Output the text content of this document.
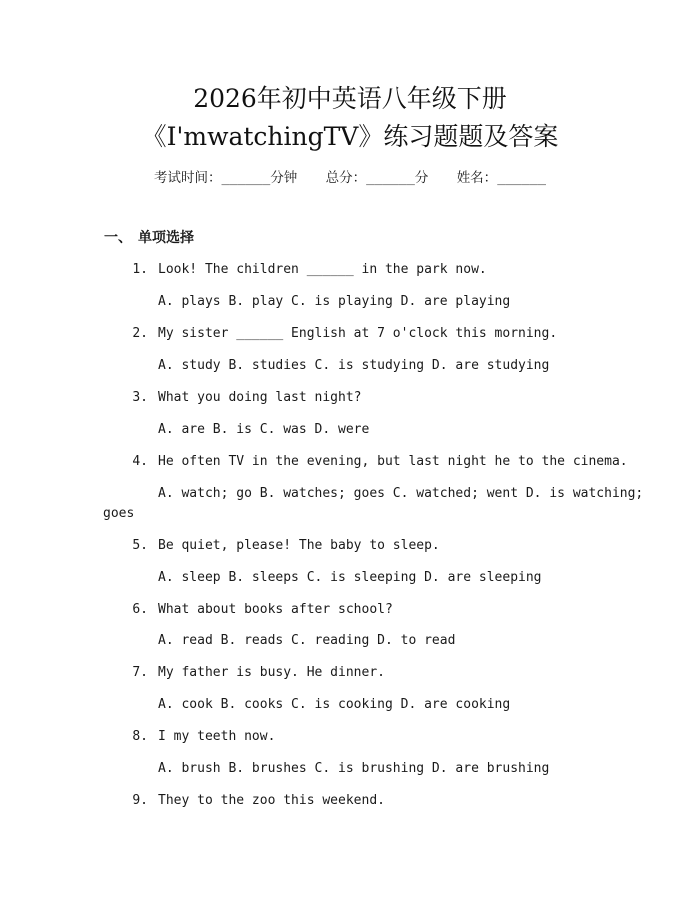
2026年初中英语八年级下册
《I'mwatchingTV》练习题题及答案
考试时间：______分钟 总分：______分 姓名：______
一、 单项选择
1. Look! The children ______ in the park now.
A. plays B. play C. is playing D. are playing
2. My sister ______ English at 7 o'clock this morning.
A. study B. studies C. is studying D. are studying
3. What you doing last night?
A. are B. is C. was D. were
4. He often TV in the evening, but last night he to the cinema.
A. watch; go B. watches; goes C. watched; went D. is watching;
goes
5. Be quiet, please! The baby to sleep.
A. sleep B. sleeps C. is sleeping D. are sleeping
6. What about books after school?
A. read B. reads C. reading D. to read
7. My father is busy. He dinner.
A. cook B. cooks C. is cooking D. are cooking
8. I my teeth now.
A. brush B. brushes C. is brushing D. are brushing
9. They to the zoo this weekend.
